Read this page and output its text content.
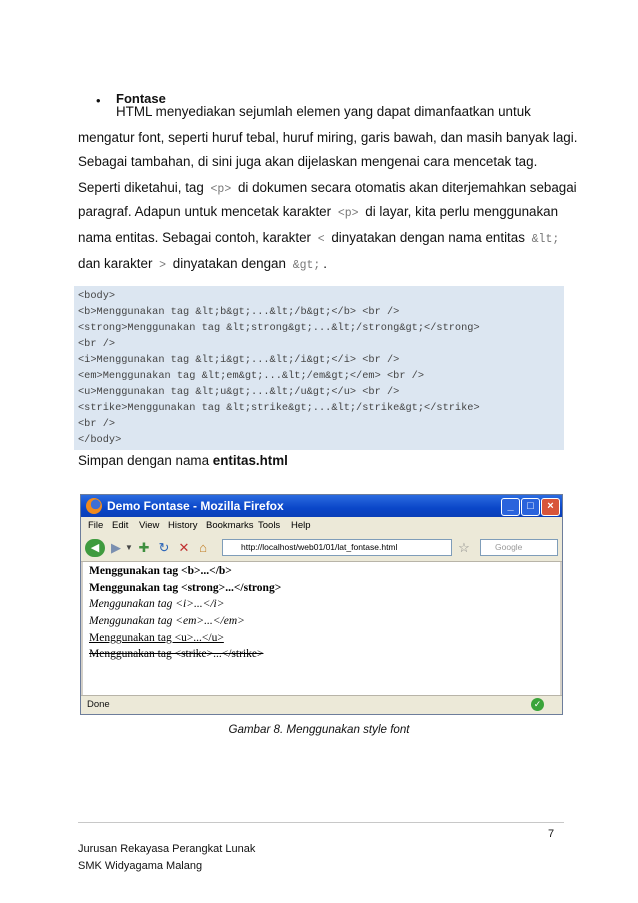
• Fontase
HTML menyediakan sejumlah elemen yang dapat dimanfaatkan untuk
mengatur font, seperti huruf tebal, huruf miring, garis bawah, dan masih banyak lagi.
Sebagai tambahan, di sini juga akan dijelaskan mengenai cara mencetak tag.
Seperti diketahui, tag <p> di dokumen secara otomatis akan diterjemahkan sebagai
paragraf. Adapun untuk mencetak karakter <p> di layar, kita perlu menggunakan
nama entitas. Sebagai contoh, karakter < dinyatakan dengan nama entitas &lt;
dan karakter > dinyatakan dengan &gt; .
<body>
<b>Menggunakan tag &lt;b&gt;...&lt;/b&gt;</b> <br />
<strong>Menggunakan tag &lt;strong&gt;...&lt;/strong&gt;</strong>
<br />
<i>Menggunakan tag &lt;i&gt;...&lt;/i&gt;</i> <br />
<em>Menggunakan tag &lt;em&gt;...&lt;/em&gt;</em> <br />
<u>Menggunakan tag &lt;u&gt;...&lt;/u&gt;</u> <br />
<strike>Menggunakan tag &lt;strike&gt;...&lt;/strike&gt;</strike>
<br />
</body>
Simpan dengan nama entitas.html
Demo Fontase - Mozilla Firefox	_	□	×
File Edit View History Bookmarks Tools Help
◀ ▶ ▼ ✚ ↻ ✕ ⌂	http://localhost/web01/01/lat_fontase.html	☆	Google
Menggunakan tag <b>...</b>
Menggunakan tag <strong>...</strong>
Menggunakan tag <i>...</i>
Menggunakan tag <em>...</em>
Menggunakan tag <u>...</u>
Menggunakan tag <strike>...</strike>
Done	✓
Gambar 8. Menggunakan style font
7
Jurusan Rekayasa Perangkat Lunak
SMK Widyagama Malang
